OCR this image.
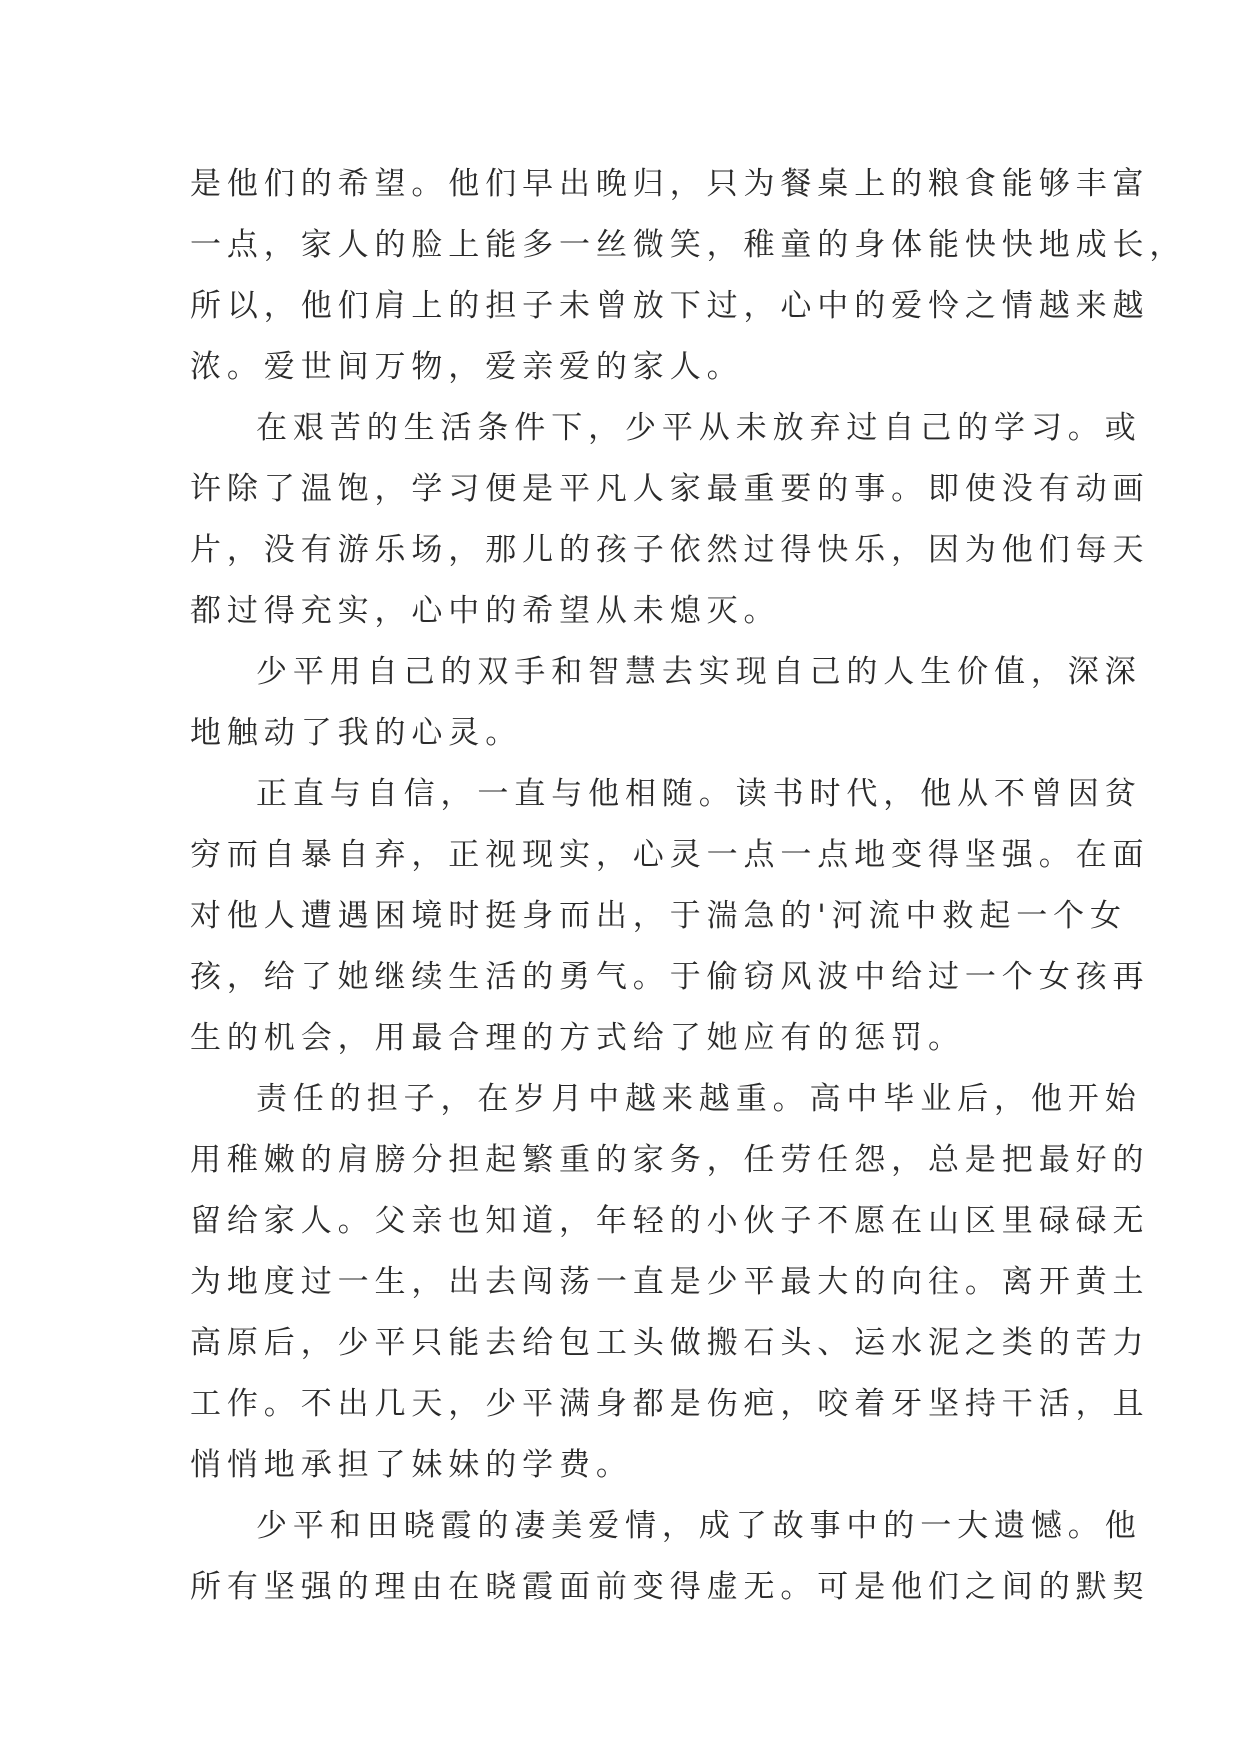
是他们的希望。他们早出晚归，只为餐桌上的粮食能够丰富
一点，家人的脸上能多一丝微笑，稚童的身体能快快地成长，
所以，他们肩上的担子未曾放下过，心中的爱怜之情越来越
浓。爱世间万物，爱亲爱的家人。

在艰苦的生活条件下，少平从未放弃过自己的学习。或
许除了温饱，学习便是平凡人家最重要的事。即使没有动画
片，没有游乐场，那儿的孩子依然过得快乐，因为他们每天
都过得充实，心中的希望从未熄灭。

少平用自己的双手和智慧去实现自己的人生价值，深深
地触动了我的心灵。

正直与自信，一直与他相随。读书时代，他从不曾因贫
穷而自暴自弃，正视现实，心灵一点一点地变得坚强。在面
对他人遭遇困境时挺身而出，于湍急的'河流中救起一个女
孩，给了她继续生活的勇气。于偷窃风波中给过一个女孩再
生的机会，用最合理的方式给了她应有的惩罚。

责任的担子，在岁月中越来越重。高中毕业后，他开始
用稚嫩的肩膀分担起繁重的家务，任劳任怨，总是把最好的
留给家人。父亲也知道，年轻的小伙子不愿在山区里碌碌无
为地度过一生，出去闯荡一直是少平最大的向往。离开黄土
高原后，少平只能去给包工头做搬石头、运水泥之类的苦力
工作。不出几天，少平满身都是伤疤，咬着牙坚持干活，且
悄悄地承担了妹妹的学费。

少平和田晓霞的凄美爱情，成了故事中的一大遗憾。他
所有坚强的理由在晓霞面前变得虚无。可是他们之间的默契
